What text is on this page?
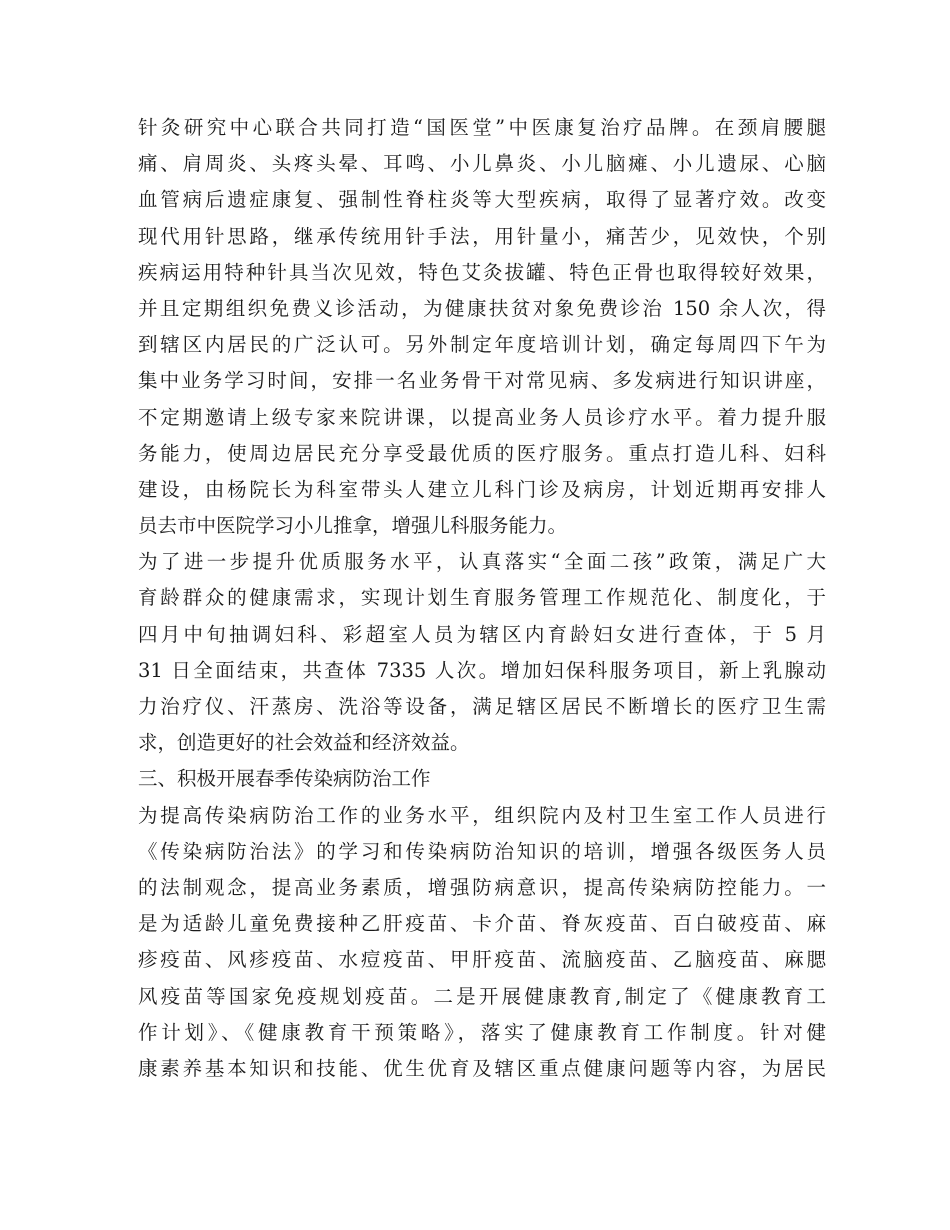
针灸研究中心联合共同打造“国医堂”中医康复治疗品牌。在颈肩腰腿
痛、肩周炎、头疼头晕、耳鸣、小儿鼻炎、小儿脑瘫、小儿遗尿、心脑
血管病后遗症康复、强制性脊柱炎等大型疾病，取得了显著疗效。改变
现代用针思路，继承传统用针手法，用针量小，痛苦少，见效快，个别
疾病运用特种针具当次见效，特色艾灸拔罐、特色正骨也取得较好效果，
并且定期组织免费义诊活动，为健康扶贫对象免费诊治 150 余人次，得
到辖区内居民的广泛认可。另外制定年度培训计划，确定每周四下午为
集中业务学习时间，安排一名业务骨干对常见病、多发病进行知识讲座，
不定期邀请上级专家来院讲课，以提高业务人员诊疗水平。着力提升服
务能力，使周边居民充分享受最优质的医疗服务。重点打造儿科、妇科
建设，由杨院长为科室带头人建立儿科门诊及病房，计划近期再安排人
员去市中医院学习小儿推拿，增强儿科服务能力。
为了进一步提升优质服务水平，认真落实“全面二孩”政策，满足广大
育龄群众的健康需求，实现计划生育服务管理工作规范化、制度化，于
四月中旬抽调妇科、彩超室人员为辖区内育龄妇女进行查体，于 5 月
31 日全面结束，共查体 7335 人次。增加妇保科服务项目，新上乳腺动
力治疗仪、汗蒸房、洗浴等设备，满足辖区居民不断增长的医疗卫生需
求，创造更好的社会效益和经济效益。
三、积极开展春季传染病防治工作
为提高传染病防治工作的业务水平，组织院内及村卫生室工作人员进行
《传染病防治法》的学习和传染病防治知识的培训，增强各级医务人员
的法制观念，提高业务素质，增强防病意识，提高传染病防控能力。一
是为适龄儿童免费接种乙肝疫苗、卡介苗、脊灰疫苗、百白破疫苗、麻
疹疫苗、风疹疫苗、水痘疫苗、甲肝疫苗、流脑疫苗、乙脑疫苗、麻腮
风疫苗等国家免疫规划疫苗。二是开展健康教育,制定了《健康教育工
作计划》、《健康教育干预策略》，落实了健康教育工作制度。针对健
康素养基本知识和技能、优生优育及辖区重点健康问题等内容，为居民
